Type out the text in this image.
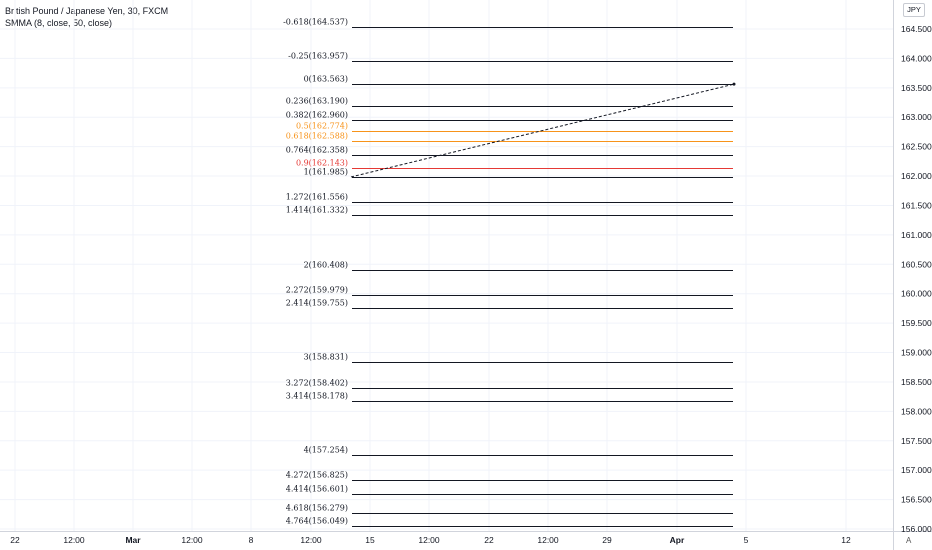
British Pound / Japanese Yen, 30, FXCM
SMMA (8, close, 50, close)
JPY
A
164.500
164.000
163.500
163.000
162.500
162.000
161.500
161.000
160.500
160.000
159.500
159.000
158.500
158.000
157.500
157.000
156.500
156.000
22	12:00	Mar	12:00	8	12:00	15	12:00	22	12:00	29	Apr	5	12
-0.618(164.537)
-0.25(163.957)
0(163.563)
0.236(163.190)
0.382(162.960)
0.5(162.774)
0.618(162.588)
0.764(162.358)
0.9(162.143)
1(161.985)
1.272(161.556)
1.414(161.332)
2(160.408)
2.272(159.979)
2.414(159.755)
3(158.831)
3.272(158.402)
3.414(158.178)
4(157.254)
4.272(156.825)
4.414(156.601)
4.618(156.279)
4.764(156.049)
